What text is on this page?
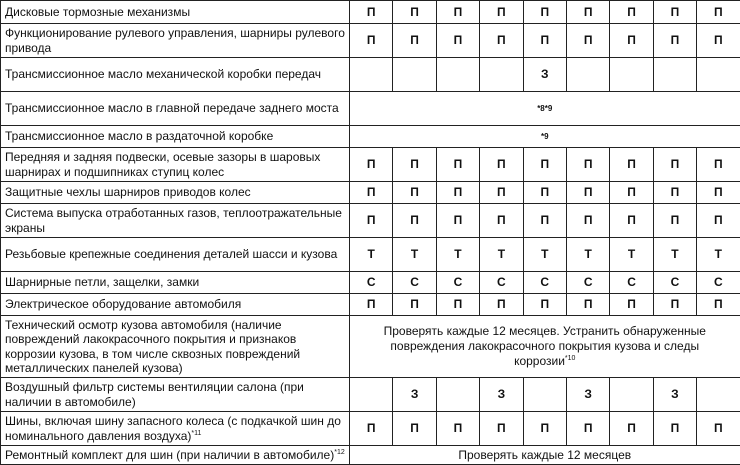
Дисковые тормозные механизмы	П	П	П	П	П	П	П	П	П
Функционирование рулевого управления, шарниры рулевого привода	П	П	П	П	П	П	П	П	П
Трансмиссионное масло механической коробки передач					З				
Трансмиссионное масло в главной передаче заднего моста	*8*9								
Трансмиссионное масло в раздаточной коробке	*9								
Передняя и задняя подвески, осевые зазоры в шаровых шарнирах и подшипниках ступиц колес	П	П	П	П	П	П	П	П	П
Защитные чехлы шарниров приводов колес	П	П	П	П	П	П	П	П	П
Система выпуска отработанных газов, теплоотражательные экраны	П	П	П	П	П	П	П	П	П
Резьбовые крепежные соединения деталей шасси и кузова	Т	Т	Т	Т	Т	Т	Т	Т	Т
Шарнирные петли, защелки, замки	С	С	С	С	С	С	С	С	С
Электрическое оборудование автомобиля	П	П	П	П	П	П	П	П	П
Технический осмотр кузова автомобиля (наличие повреждений лакокрасочного покрытия и признаков коррозии кузова, в том числе сквозных повреждений металлических панелей кузова)	Проверять каждые 12 месяцев. Устранить обнаруженные повреждения лакокрасочного покрытия кузова и следы коррозии$^{*10}$
Воздушный фильтр системы вентиляции салона (при наличии в автомобиле)		З		З		З		З	
Шины, включая шину запасного колеса (с подкачкой шин до номинального давления воздуха)$^{*11}$	П	П	П	П	П	П	П	П	П
Ремонтный комплект для шин (при наличии в автомобиле)$^{*12}$	Проверять каждые 12 месяцев								
